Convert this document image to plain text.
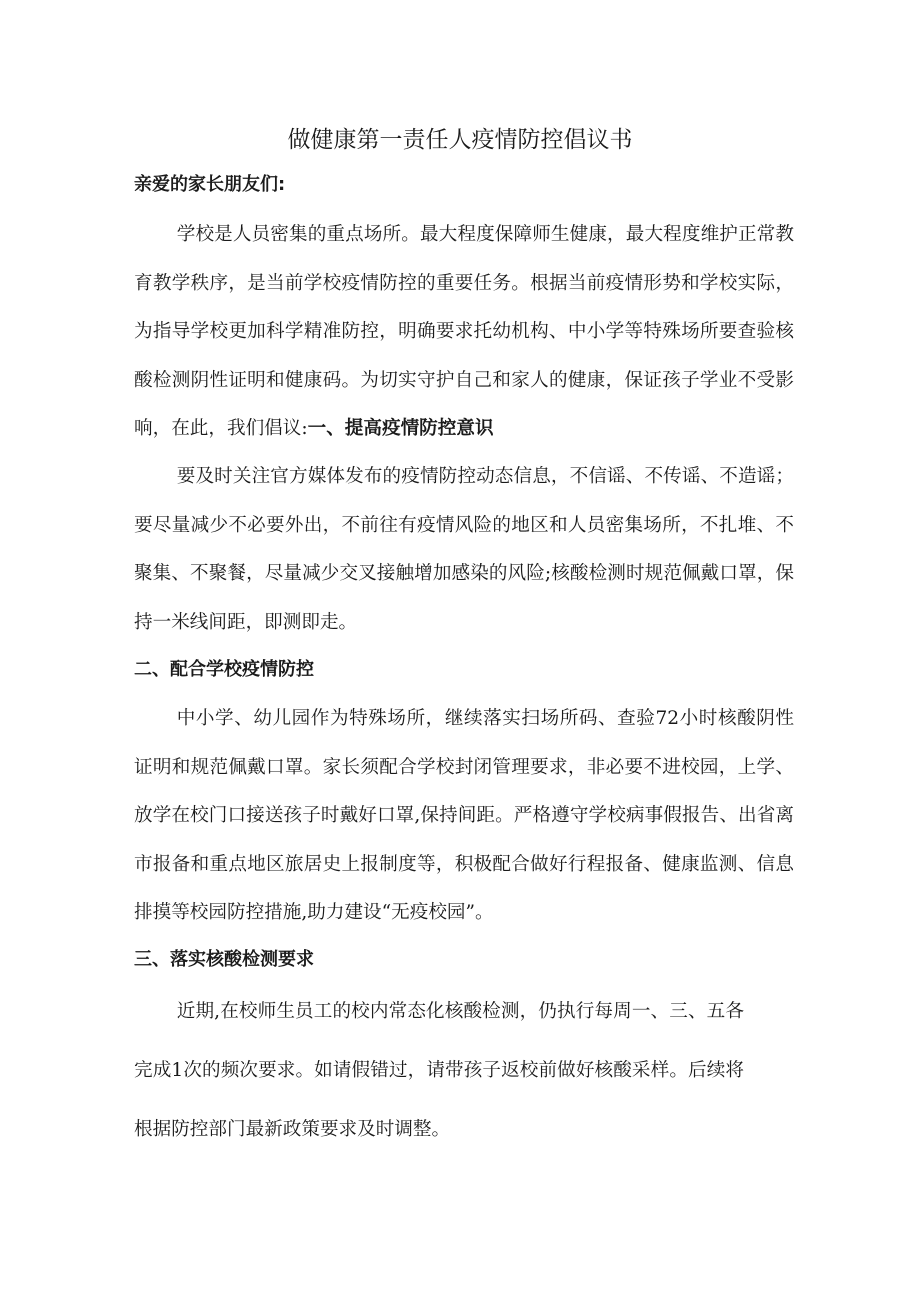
做健康第一责任人疫情防控倡议书

亲爱的家长朋友们:

学校是人员密集的重点场所。最大程度保障师生健康，最大程度维护正常教育教学秩序，是当前学校疫情防控的重要任务。根据当前疫情形势和学校实际，为指导学校更加科学精准防控，明确要求托幼机构、中小学等特殊场所要查验核酸检测阴性证明和健康码。为切实守护自己和家人的健康，保证孩子学业不受影响，在此，我们倡议:一、提高疫情防控意识

要及时关注官方媒体发布的疫情防控动态信息，不信谣、不传谣、不造谣；要尽量减少不必要外出，不前往有疫情风险的地区和人员密集场所，不扎堆、不聚集、不聚餐，尽量减少交叉接触增加感染的风险;核酸检测时规范佩戴口罩，保持一米线间距，即测即走。

二、配合学校疫情防控

中小学、幼儿园作为特殊场所，继续落实扫场所码、查验72小时核酸阴性证明和规范佩戴口罩。家长须配合学校封闭管理要求，非必要不进校园，上学、放学在校门口接送孩子时戴好口罩,保持间距。严格遵守学校病事假报告、出省离市报备和重点地区旅居史上报制度等，积极配合做好行程报备、健康监测、信息排摸等校园防控措施,助力建设“无疫校园”。

三、落实核酸检测要求

近期,在校师生员工的校内常态化核酸检测，仍执行每周一、三、五各完成1次的频次要求。如请假错过，请带孩子返校前做好核酸采样。后续将根据防控部门最新政策要求及时调整。
